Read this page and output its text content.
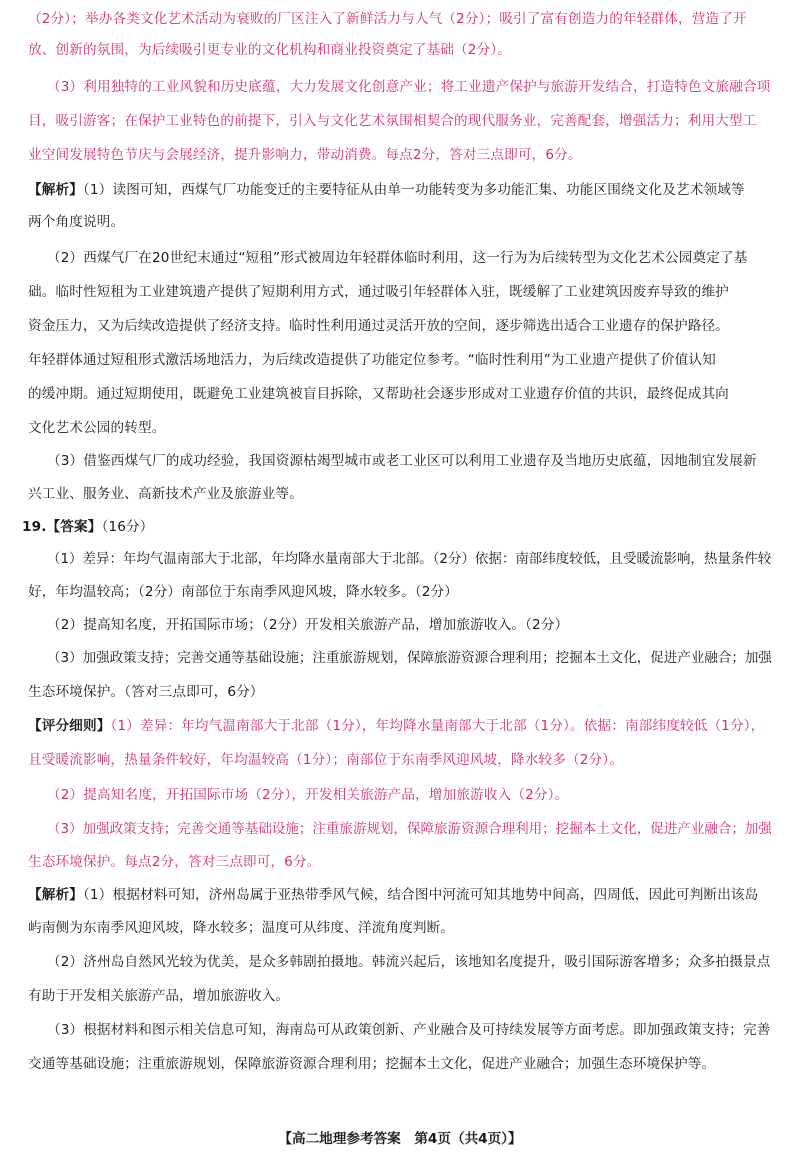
（2分）；举办各类文化艺术活动为衰败的厂区注入了新鲜活力与人气（2分）；吸引了富有创造力的年轻群体，营造了开
放、创新的氛围，为后续吸引更专业的文化机构和商业投资奠定了基础（2分）。
（3）利用独特的工业风貌和历史底蕴，大力发展文化创意产业；将工业遗产保护与旅游开发结合，打造特色文旅融合项
目，吸引游客；在保护工业特色的前提下，引入与文化艺术氛围相契合的现代服务业，完善配套，增强活力；利用大型工
业空间发展特色节庆与会展经济，提升影响力，带动消费。每点2分，答对三点即可，6分。
【解析】（1）读图可知，西煤气厂功能变迁的主要特征从由单一功能转变为多功能汇集、功能区围绕文化及艺术领域等
两个角度说明。
（2）西煤气厂在20世纪末通过“短租”形式被周边年轻群体临时利用，这一行为为后续转型为文化艺术公园奠定了基
础。临时性短租为工业建筑遗产提供了短期利用方式，通过吸引年轻群体入驻，既缓解了工业建筑因废弃导致的维护
资金压力，又为后续改造提供了经济支持。临时性利用通过灵活开放的空间，逐步筛选出适合工业遗存的保护路径。
年轻群体通过短租形式激活场地活力，为后续改造提供了功能定位参考。“临时性利用”为工业遗产提供了价值认知
的缓冲期。通过短期使用，既避免工业建筑被盲目拆除，又帮助社会逐步形成对工业遗存价值的共识，最终促成其向
文化艺术公园的转型。
（3）借鉴西煤气厂的成功经验，我国资源枯竭型城市或老工业区可以利用工业遗存及当地历史底蕴，因地制宜发展新
兴工业、服务业、高新技术产业及旅游业等。
19.【答案】（16分）
（1）差异：年均气温南部大于北部，年均降水量南部大于北部。（2分）依据：南部纬度较低，且受暖流影响，热量条件较
好，年均温较高；（2分）南部位于东南季风迎风坡，降水较多。（2分）
（2）提高知名度，开拓国际市场；（2分）开发相关旅游产品，增加旅游收入。（2分）
（3）加强政策支持；完善交通等基础设施；注重旅游规划，保障旅游资源合理利用；挖掘本土文化，促进产业融合；加强
生态环境保护。（答对三点即可，6分）
【评分细则】（1）差异：年均气温南部大于北部（1分），年均降水量南部大于北部（1分）。依据：南部纬度较低（1分），
且受暖流影响，热量条件较好，年均温较高（1分）；南部位于东南季风迎风坡，降水较多（2分）。
（2）提高知名度，开拓国际市场（2分），开发相关旅游产品，增加旅游收入（2分）。
（3）加强政策支持；完善交通等基础设施；注重旅游规划，保障旅游资源合理利用；挖掘本土文化，促进产业融合；加强
生态环境保护。每点2分，答对三点即可，6分。
【解析】（1）根据材料可知，济州岛属于亚热带季风气候，结合图中河流可知其地势中间高，四周低，因此可判断出该岛
屿南侧为东南季风迎风坡，降水较多；温度可从纬度、洋流角度判断。
（2）济州岛自然风光较为优美，是众多韩剧拍摄地。韩流兴起后，该地知名度提升，吸引国际游客增多；众多拍摄景点
有助于开发相关旅游产品，增加旅游收入。
（3）根据材料和图示相关信息可知，海南岛可从政策创新、产业融合及可持续发展等方面考虑。即加强政策支持；完善
交通等基础设施；注重旅游规划，保障旅游资源合理利用；挖掘本土文化，促进产业融合；加强生态环境保护等。
【高二地理参考答案　第4页（共4页）】
